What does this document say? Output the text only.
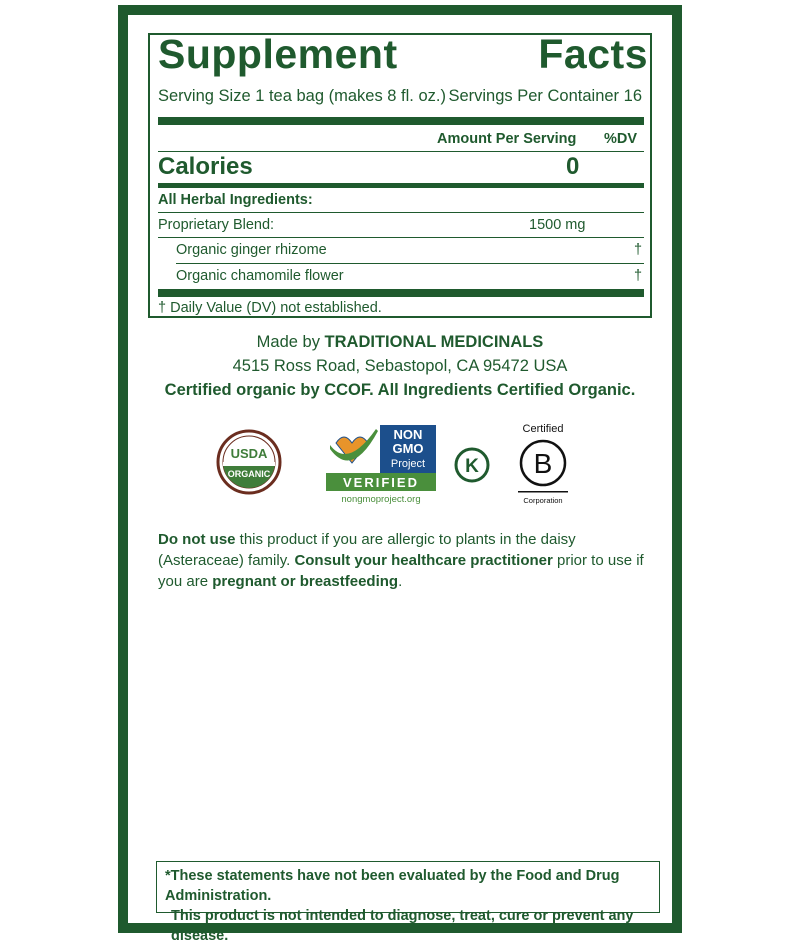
Supplement	Facts
Serving Size 1 tea bag (makes 8 fl. oz.) Servings Per Container 16
Amount Per Serving %DV
Calories	0
All Herbal Ingredients:
Proprietary Blend:	1500 mg
Organic ginger rhizome	†
Organic chamomile flower	†
† Daily Value (DV) not established.
Made by TRADITIONAL MEDICINALS
4515 Ross Road, Sebastopol, CA 95472 USA
Certified organic by CCOF. All Ingredients Certified Organic.
USDA
ORGANIC
NON
GMO
Project
VERIFIED
nongmoproject.org
K
Certified
B
Corporation
Do not use this product if you are allergic to plants in the daisy (Asteraceae) family. Consult your healthcare practitioner prior to use if you are pregnant or breastfeeding.
*These statements have not been evaluated by the Food and Drug Administration.
This product is not intended to diagnose, treat, cure or prevent any disease.
